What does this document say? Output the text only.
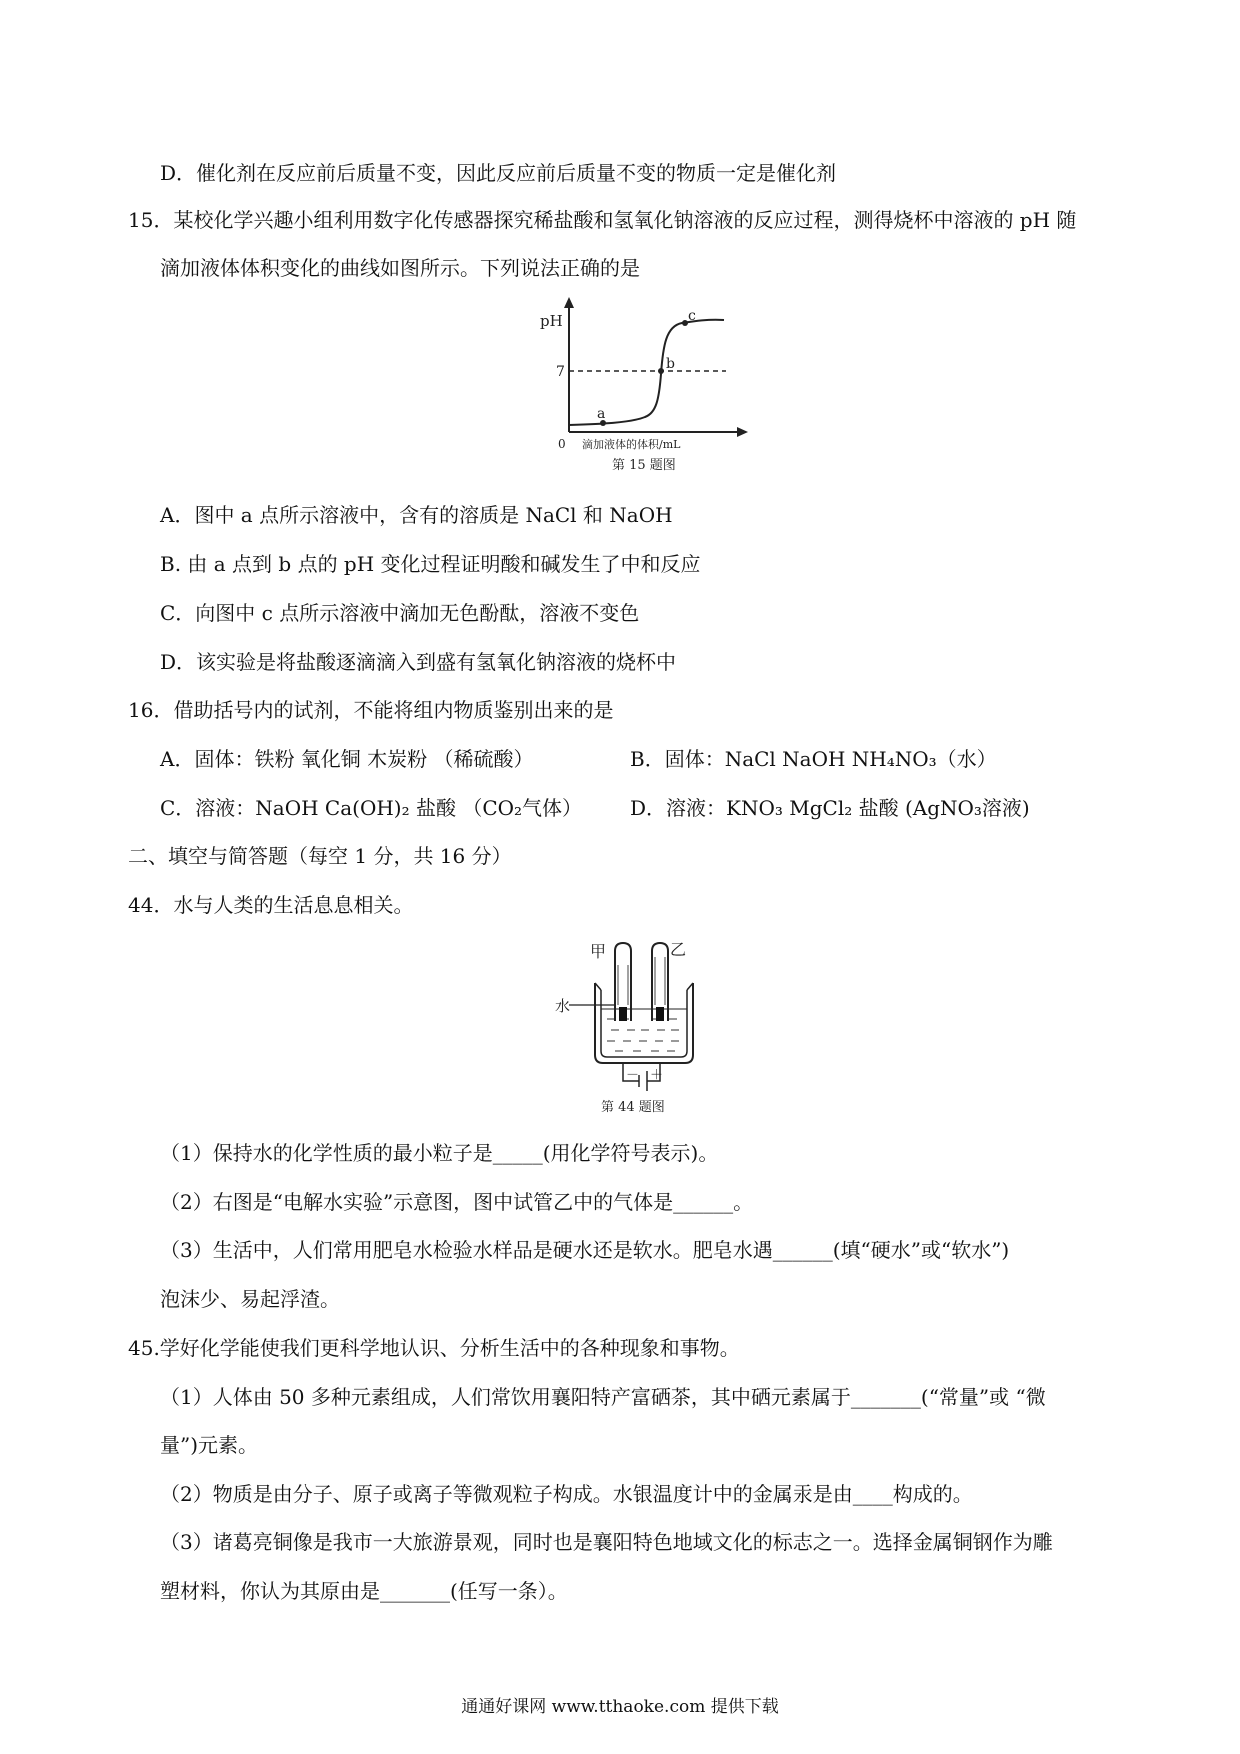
D．催化剂在反应前后质量不变，因此反应前后质量不变的物质一定是催化剂
15．某校化学兴趣小组利用数字化传感器探究稀盐酸和氢氧化钠溶液的反应过程，测得烧杯中溶液的 pH 随
滴加液体体积变化的曲线如图所示。下列说法正确的是
pH
7
0
a
b
c
滴加液体的体积/mL
第 15 题图
A．图中 a 点所示溶液中，含有的溶质是 NaCl 和 NaOH
B. 由 a 点到 b 点的 pH 变化过程证明酸和碱发生了中和反应
C．向图中 c 点所示溶液中滴加无色酚酞，溶液不变色
D．该实验是将盐酸逐滴滴入到盛有氢氧化钠溶液的烧杯中
16．借助括号内的试剂，不能将组内物质鉴别出来的是
A．固体：铁粉 氧化铜 木炭粉 （稀硫酸）	B．固体：NaCl NaOH NH₄NO₃（水）
C．溶液：NaOH Ca(OH)₂ 盐酸 （CO₂气体） D．溶液：KNO₃ MgCl₂ 盐酸 (AgNO₃溶液)
二、填空与简答题（每空 1 分，共 16 分）
44．水与人类的生活息息相关。
水
甲	乙
－ ＋
第 44 题图
（1）保持水的化学性质的最小粒子是_____(用化学符号表示)。
（2）右图是“电解水实验”示意图，图中试管乙中的气体是______。
（3）生活中，人们常用肥皂水检验水样品是硬水还是软水。肥皂水遇______(填“硬水”或“软水”)
泡沫少、易起浮渣。
45.学好化学能使我们更科学地认识、分析生活中的各种现象和事物。
（1）人体由 50 多种元素组成，人们常饮用襄阳特产富硒茶，其中硒元素属于_______(“常量”或 “微
量”)元素。
（2）物质是由分子、原子或离子等微观粒子构成。水银温度计中的金属汞是由____构成的。
（3）诸葛亮铜像是我市一大旅游景观，同时也是襄阳特色地域文化的标志之一。选择金属铜钢作为雕
塑材料，你认为其原由是_______(任写一条）。
通通好课网 www.tthaoke.com 提供下载
